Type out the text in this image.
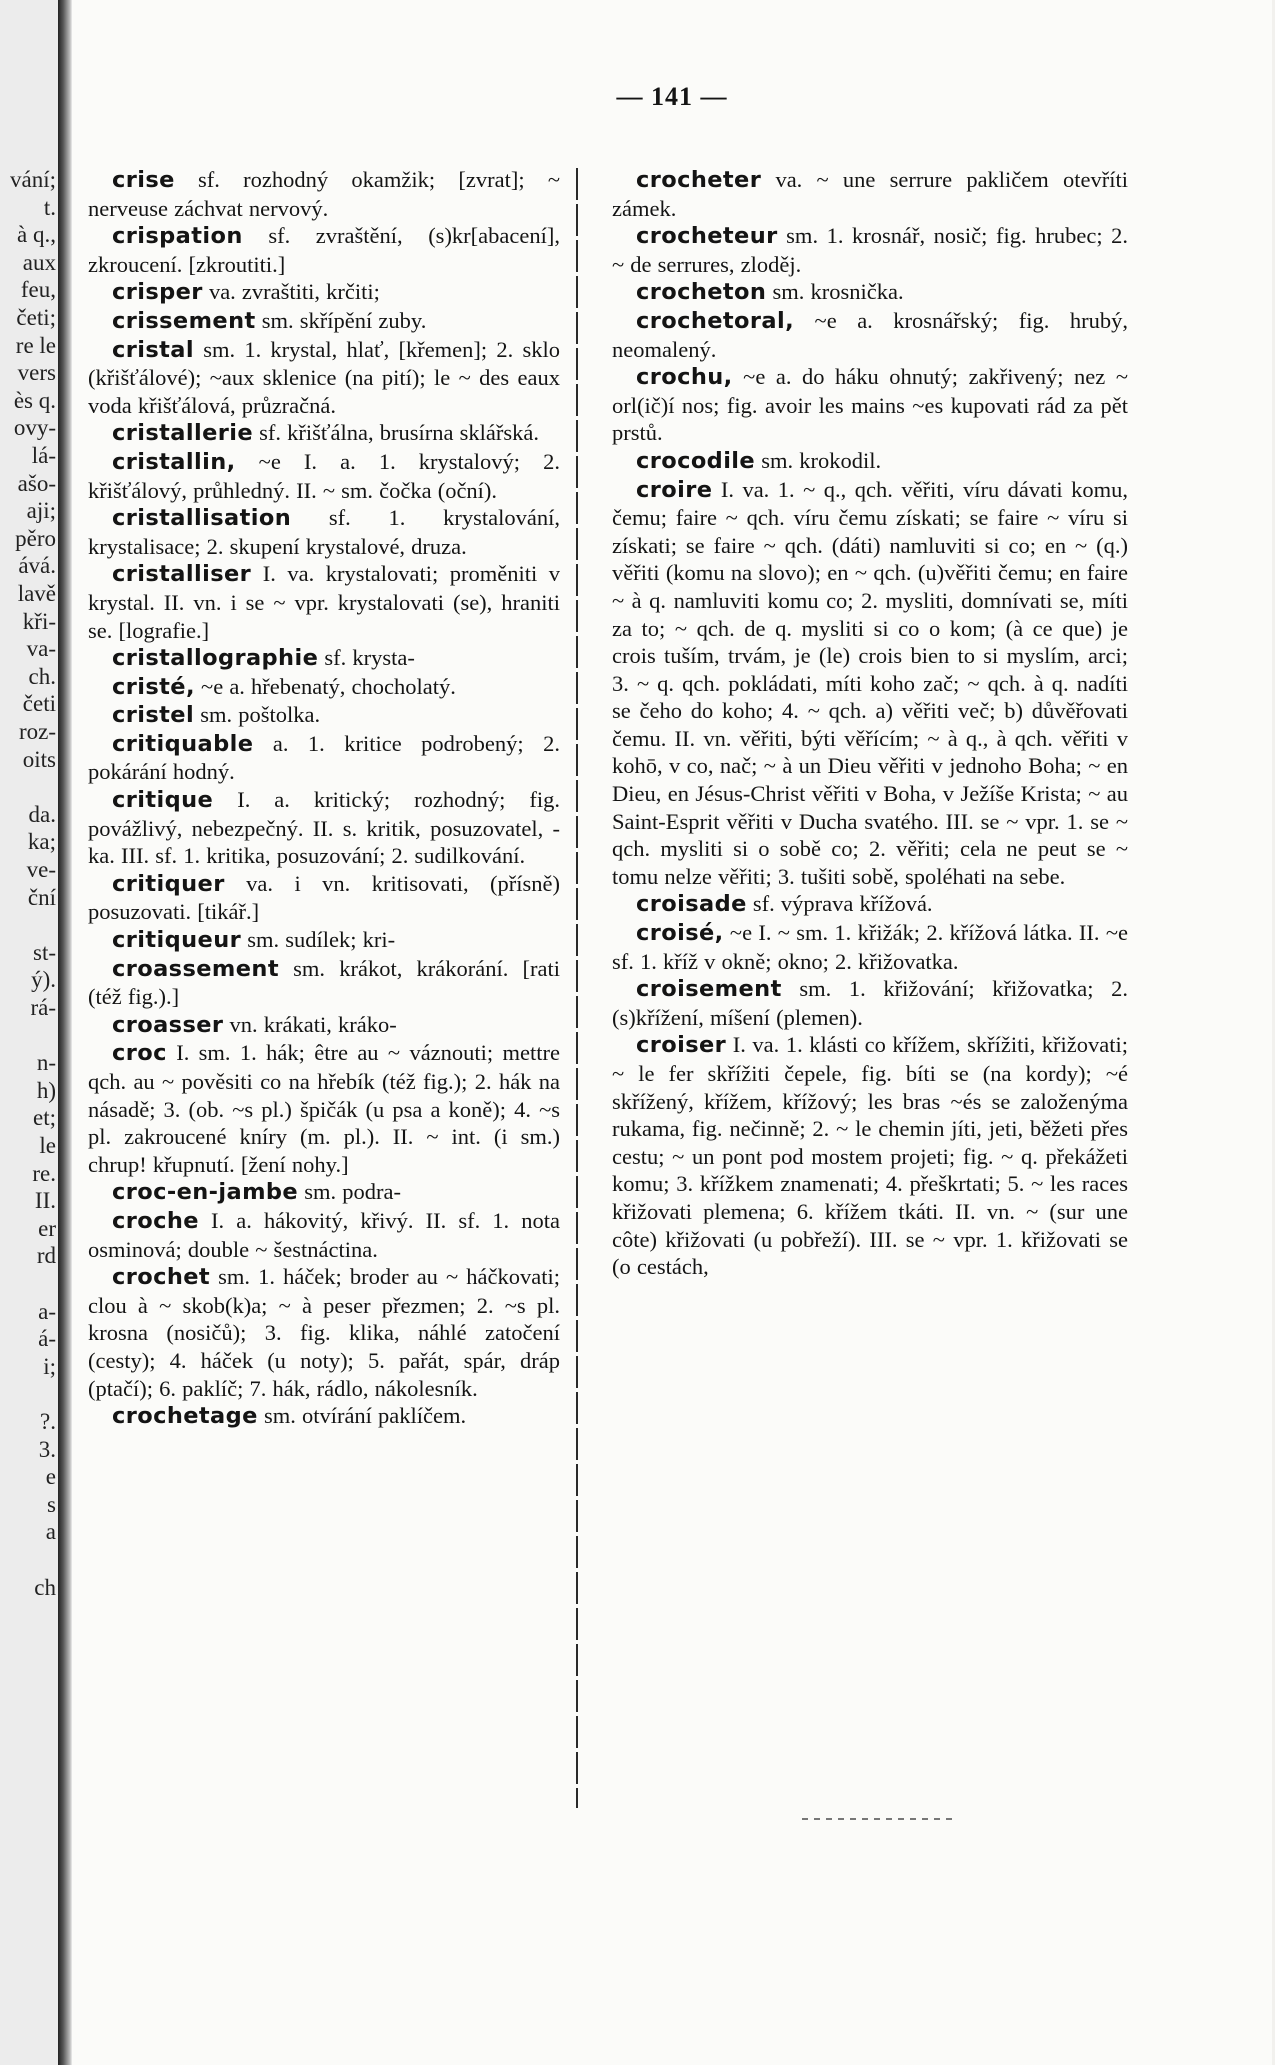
vání;
t.
à q.,
aux
feu,
četi;
re le
vers
ès q.
ovy-
lá-
ašo-
aji;
pěro
ává.
lavě
kři-
va-
ch.
četi
roz-
oits
da.
ka;
ve-
ční
st-
ý).
rá-
n-
h)
et;
le
re.
II.
er
rd
a-
á-
i;
?.
3.
e
s
a
ch
— 141 —

crise sf. rozhodný okamžik; [zvrat]; ~ nerveuse záchvat nervový.

crispation sf. zvraštění, (s)kr[abacení], zkroucení. [zkroutiti.]

crisper va. zvraštiti, krčiti;

crissement sm. skřípění zuby.

cristal sm. 1. krystal, hlať, [křemen]; 2. sklo (křišťálové); ~aux sklenice (na pití); le ~ des eaux voda křišťálová, průzračná.

cristallerie sf. křišťálna, brusírna sklářská.

cristallin, ~e I. a. 1. krystalový; 2. křišťálový, průhledný. II. ~ sm. čočka (oční).

cristallisation sf. 1. krystalování, krystalisace; 2. skupení krystalové, druza.

cristalliser I. va. krystalovati; proměniti v krystal. II. vn. i se ~ vpr. krystalovati (se), hraniti se. [lografie.]

cristallographie sf. krysta-

cristé, ~e a. hřebenatý, chocholatý.

cristel sm. poštolka.

critiquable a. 1. kritice podrobený; 2. pokárání hodný.

critique I. a. kritický; rozhodný; fig. povážlivý, nebezpečný. II. s. kritik, posuzovatel, -ka. III. sf. 1. kritika, posuzování; 2. sudilkování.

critiquer va. i vn. kritisovati, (přísně) posuzovati. [tikář.]

critiqueur sm. sudílek; kri-

croassement sm. krákot, krákorání. [rati (též fig.).]

croasser vn. krákati, kráko-

croc I. sm. 1. hák; être au ~ váznouti; mettre qch. au ~ pověsiti co na hřebík (též fig.); 2. hák na násadě; 3. (ob. ~s pl.) špičák (u psa a koně); 4. ~s pl. zakroucené kníry (m. pl.). II. ~ int. (i sm.) chrup! křupnutí. [žení nohy.]

croc-en-jambe sm. podra-

croche I. a. hákovitý, křivý. II. sf. 1. nota osminová; double ~ šestnáctina.

crochet sm. 1. háček; broder au ~ háčkovati; clou à ~ skob(k)a; ~ à peser přezmen; 2. ~s pl. krosna (nosičů); 3. fig. klika, náhlé zatočení (cesty); 4. háček (u noty); 5. pařát, spár, dráp (ptačí); 6. paklíč; 7. hák, rádlo, nákolesník.

crochetage sm. otvírání paklíčem.

crocheter va. ~ une serrure pakličem otevříti zámek.

crocheteur sm. 1. krosnář, nosič; fig. hrubec; 2. ~ de serrures, zloděj.

crocheton sm. krosnička.

crochetoral, ~e a. krosnářský; fig. hrubý, neomalený.

crochu, ~e a. do háku ohnutý; zakřivený; nez ~ orl(ič)í nos; fig. avoir les mains ~es kupovati rád za pět prstů.

crocodile sm. krokodil.

croire I. va. 1. ~ q., qch. věřiti, víru dávati komu, čemu; faire ~ qch. víru čemu získati; se faire ~ víru si získati; se faire ~ qch. (dáti) namluviti si co; en ~ (q.) věřiti (komu na slovo); en ~ qch. (u)věřiti čemu; en faire ~ à q. namluviti komu co; 2. mysliti, domnívati se, míti za to; ~ qch. de q. mysliti si co o kom; (à ce que) je crois tuším, trvám, je (le) crois bien to si myslím, arci; 3. ~ q. qch. pokládati, míti koho zač; ~ qch. à q. nadíti se čeho do koho; 4. ~ qch. a) věřiti več; b) důvěřovati čemu. II. vn. věřiti, býti věřícím; ~ à q., à qch. věřiti v kohō, v co, nač; ~ à un Dieu věřiti v jednoho Boha; ~ en Dieu, en Jésus-Christ věřiti v Boha, v Ježíše Krista; ~ au Saint-Esprit věřiti v Ducha svatého. III. se ~ vpr. 1. se ~ qch. mysliti si o sobě co; 2. věřiti; cela ne peut se ~ tomu nelze věřiti; 3. tušiti sobě, spoléhati na sebe.

croisade sf. výprava křížová.

croisé, ~e I. ~ sm. 1. křižák; 2. křížová látka. II. ~e sf. 1. kříž v okně; okno; 2. křižovatka.

croisement sm. 1. křižování; křižovatka; 2. (s)křížení, míšení (plemen).

croiser I. va. 1. klásti co křížem, skřížiti, křižovati; ~ le fer skřížiti čepele, fig. bíti se (na kordy); ~é skřížený, křížem, křížový; les bras ~és se založenýma rukama, fig. nečinně; 2. ~ le chemin jíti, jeti, běžeti přes cestu; ~ un pont pod mostem projeti; fig. ~ q. překážeti komu; 3. křížkem znamenati; 4. přeškrtati; 5. ~ les races křižovati plemena; 6. křížem tkáti. II. vn. ~ (sur une côte) křižovati (u pobřeží). III. se ~ vpr. 1. křižovati se (o cestách,
